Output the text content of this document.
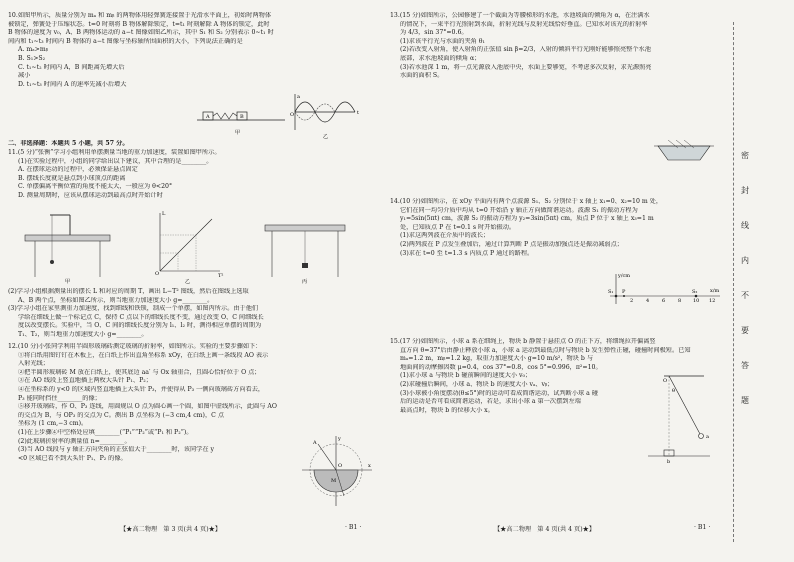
10.如图甲所示，质量分别为 mₐ 和 mᵦ 的两物体用轻弹簧连接置于光滑水平面上，初始时两物体

被锁定，弹簧处于压缩状态。t=0 时刻将 B 物体解除锁定，t=t₁ 时刻解除 A 物体的锁定，此时

B 物体的速度为 v₀，A、B 两物体运动的 a−t 图像如图乙所示，其中 S₁ 和 S₂ 分别表示 0~t₁ 时

间内和 t₁~t₃ 时间内 B 物体的 a−t 图像与坐标轴所围面积的大小，下列说法正确的是

A. mₐ>mᵦ

B. S₁>S₂

C. t₁~t₂ 时间内 A，B 间距离先增大后

减小

D. t₁~t₃ 时间内 A 的速率先减小后增大

A	B
甲
a
t
O
乙

二、非选择题：本题共 5 小题，共 57 分。

11.(5 分)“张衡”学习小组利用单摆测量当地的重力加速度，装置如图甲所示。

(1)在实验过程中，小组的同学给出以下建议，其中合理的是________。

A. 在摆球运动的过程中，必须保证悬点固定

B. 摆线长度就是悬点到小球顶点的距离

C. 单摆偏离平衡位置的角度不能太大，一般应为 θ<20°

D. 测量周期时，应该从摆球运动到最高点时开始计时

甲
L
T²
O
乙	丙

(2)学习小组根据测量出的摆长 L 和对应的周期 T，画出 L−T² 图线，然后在图线上选取

A、B 两个点，坐标如图乙所示，则当地重力加速度大小 g=________。

(3)学习小组在家里测重力加速度，找到细线和铁锁，制成一个单摆，如图丙所示。由于他们

学给在细线上做一个标记点 C，保持 C 点以下的细线长度不变，通过改变 O、C 间细线长

度以改变摆长。实验中，当 O、C 间的细线长度分别为 l₁、l₂ 时，测得相应单摆的周期为

T₁、T₂，则当地重力加速度大小 g=________。

12.(10 分)小张同学利用半圆形玻璃砖测定玻璃的折射率，如图所示。实验的主要步骤如下：

①将白纸用图钉钉在木板上，在白纸上作出直角坐标系 xOy，在白纸上画一条线段 AO 表示

入射光线；

②把半圆形玻璃砖 M 放在白纸上，使其底边 aa′ 与 Ox 轴重合，且圆心恰好位于 O 点；

③在 AO 线段上竖直地插上两枚大头针 P₁、P₂；

④在坐标系的 y<0 的区域内竖直地插上大头针 P₃，并使得从 P₃ 一侧向玻璃砖方向看去，

P₃ 能同时挡住________的像；

⑤移开玻璃砖，作 O、P₃ 连线，用圆规以 O 点为圆心画一个圆，如图中虚线所示，此圆与 AO

的交点为 B，与 OP₃ 的交点为 C。测出 B 点坐标为 (−3 cm,4 cm)，C 点

坐标为 (1 cm,−3 cm)。

(1)在上步骤④中空格处应填________(“P₁”“P₂”或“P₁ 和 P₂”)。

(2)此玻璃折射率的测量值 n=________。

(3)当 AO 线段与 y 轴正方向夹角的正弦值大于________时，该同学在 y

<0 区域已看不到大头针 P₁、P₂ 的像。

x
y
O
A
M
【★高二物理　第 3 页(共 4 页)★】	· B1 ·

13.(15 分)如图所示，公园修建了一个截面为等腰梯形的水池，水池坡面的倾角为 α，在注满水

的情况下，一束平行光照射到水面，折射光线与反射光线恰好垂直。已知水对该光的折射率

为 4/3，sin 37°=0.6。

(1)求该平行光与水面的夹角 θ₁

(2)若改变入射角，使入射角的正弦值 sin β=2/3，入射的倾斜平行光刚好能够照亮整个水池

底部，求水池坡面的倾角 α；

(3)若水池深 1 m，将一点光源放入池底中央，水面上要够宽，不考虑多次反射，求光源照亮

水面的面积 S。

14.(10 分)如图所示，在 xOy 平面内有两个点波源 S₁、S₂ 分别位于 x 轴上 x₁=0、x₂=10 m 处，

它们在同一均匀介质中均从 t=0 开始沿 y 轴正方向做简谐运动。波源 S₁ 的振动方程为

y₁=5sin(5πt) cm，波源 S₂ 的振动方程为 y₂=3sin(5πt) cm，质点 P 位于 x 轴上 x₃=1 m

处，已知质点 P 在 t=0.1 s 时开始振动。

(1)求这两列波在介质中的波长；

(2)两列波在 P 点发生叠加后，通过计算判断 P 点是振动加强点还是振动减弱点；

(3)求在 t=0 至 t=1.3 s 内质点 P 通过的路程。

y/cm
x/m
S₁	S₂
P
2	4	6	8 10 12

15.(17 分)如图所示，小球 a 系在细绳上，物块 b 静置于悬挂点 O 的正下方，将细绳拉开偏离竖

直方向 θ=37°后由静止释放小球 a，小球 a 运动到最低点时与物块 b 发生弹性正碰，碰撞时间极短。已知

mₐ=1.2 m，mᵦ=1.2 kg，取重力加速度大小 g=10 m/s²，物块 b 与

地面间的动摩擦因数 μ=0.4，cos 37°=0.8，cos 5°=0.996，π²=10。

(1)求小球 a 与物块 b 碰前瞬间的速度大小 v₀；

(2)求碰撞后瞬间，小球 a、物块 b 的速度大小 vₐ、vᵦ；

(3)小球被小角度摆动(θ≤5°)时的运动可看成简谐运动，试判断小球 a 碰

后的运动是否可看成简谐运动，若是，求出小球 a 第一次摆到左端

最高点时，物块 b 的位移大小 x。

O
a
b
θ
【★高二物理　第 4 页(共 4 页)★】	· B1 ·
密
封
线
内
不
要
答
题
